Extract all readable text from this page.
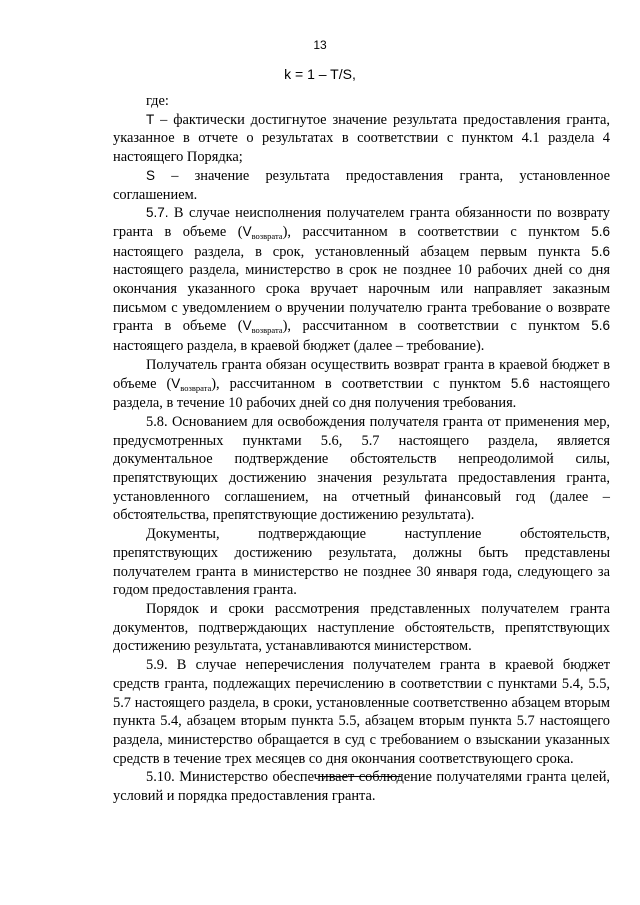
13
k = 1 – T/S,

где:

T – фактически достигнутое значение результата предоставления гранта, указанное в отчете о результатах в соответствии с пунктом 4.1 раздела 4 настоящего Порядка;

S – значение результата предоставления гранта, установленное соглашением.

5.7. В случае неисполнения получателем гранта обязанности по возврату гранта в объеме $(V_{возврата})$, рассчитанном в соответствии с пунктом 5.6 настоящего раздела, в срок, установленный абзацем первым пункта 5.6 настоящего раздела, министерство в срок не позднее 10 рабочих дней со дня окончания указанного срока вручает нарочным или направляет заказным письмом с уведомлением о вручении получателю гранта требование о возврате гранта в объеме $(V_{возврата})$, рассчитанном в соответствии с пунктом 5.6 настоящего раздела, в краевой бюджет (далее – требование).

Получатель гранта обязан осуществить возврат гранта в краевой бюджет в объеме $(V_{возврата})$, рассчитанном в соответствии с пунктом 5.6 настоящего раздела, в течение 10 рабочих дней со дня получения требования.

5.8. Основанием для освобождения получателя гранта от применения мер, предусмотренных пунктами 5.6, 5.7 настоящего раздела, является документальное подтверждение обстоятельств непреодолимой силы, препятствующих достижению значения результата предоставления гранта, установленного соглашением, на отчетный финансовый год (далее – обстоятельства, препятствующие достижению результата).

Документы, подтверждающие наступление обстоятельств, препятствующих достижению результата, должны быть представлены получателем гранта в министерство не позднее 30 января года, следующего за годом предоставления гранта.

Порядок и сроки рассмотрения представленных получателем гранта документов, подтверждающих наступление обстоятельств, препятствующих достижению результата, устанавливаются министерством.

5.9. В случае неперечисления получателем гранта в краевой бюджет средств гранта, подлежащих перечислению в соответствии с пунктами 5.4, 5.5, 5.7 настоящего раздела, в сроки, установленные соответственно абзацем вторым пункта 5.4, абзацем вторым пункта 5.5, абзацем вторым пункта 5.7 настоящего раздела, министерство обращается в суд с требованием о взыскании указанных средств в течение трех месяцев со дня окончания соответствующего срока.

5.10. Министерство обеспечивает соблюдение получателями гранта целей, условий и порядка предоставления гранта.
